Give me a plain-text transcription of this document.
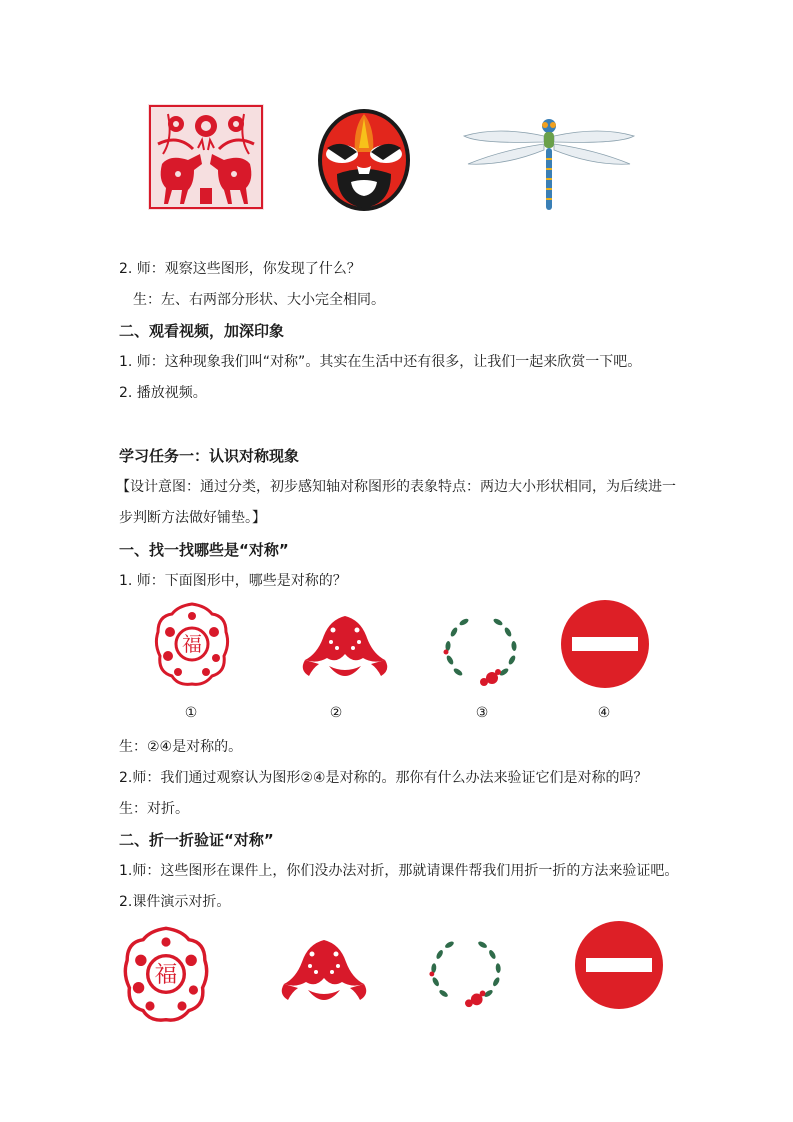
2. 师：观察这些图形，你发现了什么？
生：左、右两部分形状、大小完全相同。
二、观看视频，加深印象
1. 师：这种现象我们叫“对称”。其实在生活中还有很多，让我们一起来欣赏一下吧。
2. 播放视频。
学习任务一：认识对称现象
【设计意图：通过分类，初步感知轴对称图形的表象特点：两边大小形状相同，为后续进一
步判断方法做好铺垫。】
一、找一找哪些是“对称”
1. 师：下面图形中，哪些是对称的？
福
①	②	③	④
生：②④是对称的。
2.师：我们通过观察认为图形②④是对称的。那你有什么办法来验证它们是对称的吗？
生：对折。
二、折一折验证“对称”
1.师：这些图形在课件上，你们没办法对折，那就请课件帮我们用折一折的方法来验证吧。
2.课件演示对折。
福
